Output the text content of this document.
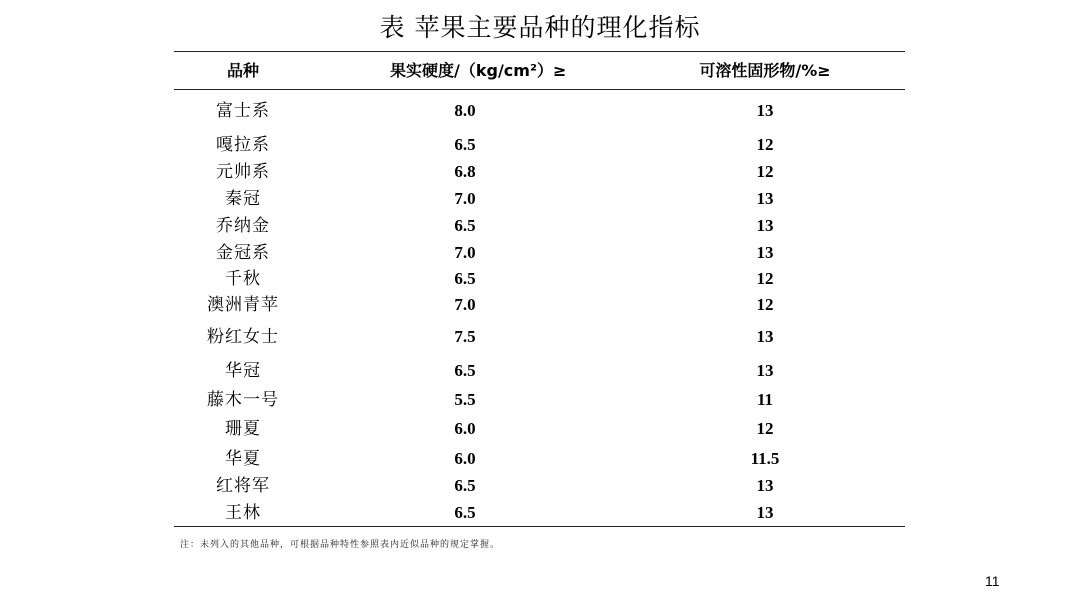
表 苹果主要品种的理化指标
品种	果实硬度/（kg/cm²）≥	可溶性固形物/%≥
富士系	8.0	13
嘎拉系	6.5	12
元帅系	6.8	12
秦冠	7.0	13
乔纳金	6.5	13
金冠系	7.0	13
千秋	6.5	12
澳洲青苹	7.0	12
粉红女士	7.5	13
华冠	6.5	13
藤木一号	5.5	11
珊夏	6.0	12
华夏	6.0	11.5
红将军	6.5	13
王林	6.5	13
注：未列入的其他品种，可根据品种特性参照表内近似品种的规定掌握。
11
